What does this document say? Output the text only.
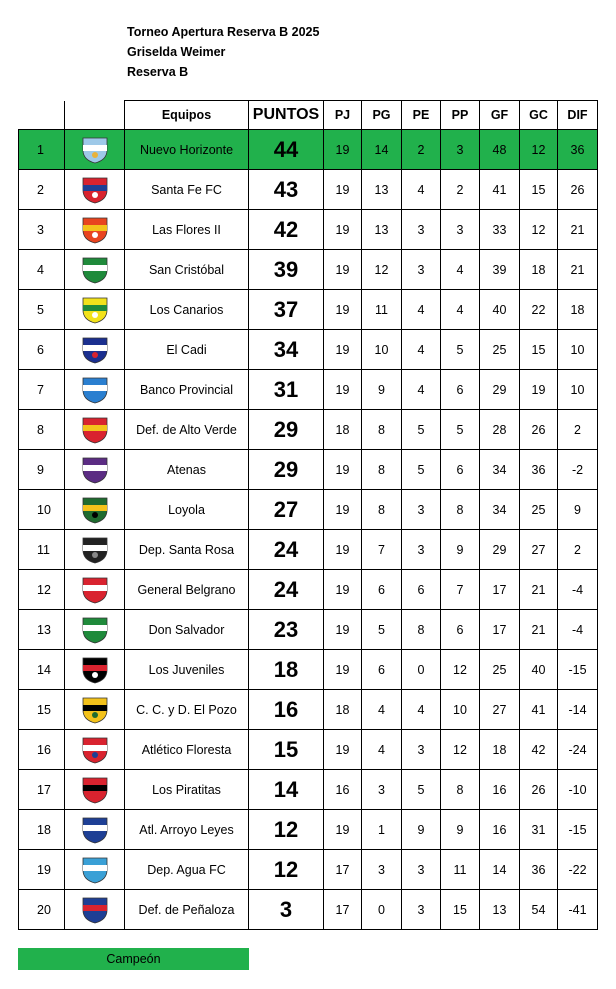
Torneo Apertura Reserva B 2025
Griselda Weimer
Reserva B
		Equipos	PUNTOS	PJ	PG	PE	PP	GF	GC	DIF
1		Nuevo Horizonte	44	19	14	2	3	48	12	36
2		Santa Fe FC	43	19	13	4	2	41	15	26
3		Las Flores II	42	19	13	3	3	33	12	21
4		San Cristóbal	39	19	12	3	4	39	18	21
5		Los Canarios	37	19	11	4	4	40	22	18
6		El Cadi	34	19	10	4	5	25	15	10
7		Banco Provincial	31	19	9	4	6	29	19	10
8		Def. de Alto Verde	29	18	8	5	5	28	26	2
9		Atenas	29	19	8	5	6	34	36	-2
10		Loyola	27	19	8	3	8	34	25	9
11		Dep. Santa Rosa	24	19	7	3	9	29	27	2
12		General Belgrano	24	19	6	6	7	17	21	-4
13		Don Salvador	23	19	5	8	6	17	21	-4
14		Los Juveniles	18	19	6	0	12	25	40	-15
15		C. C. y D. El Pozo	16	18	4	4	10	27	41	-14
16		Atlético Floresta	15	19	4	3	12	18	42	-24
17		Los Piratitas	14	16	3	5	8	16	26	-10
18		Atl. Arroyo Leyes	12	19	1	9	9	16	31	-15
19		Dep. Agua FC	12	17	3	3	11	14	36	-22
20		Def. de Peñaloza	3	17	0	3	15	13	54	-41
Campeón
